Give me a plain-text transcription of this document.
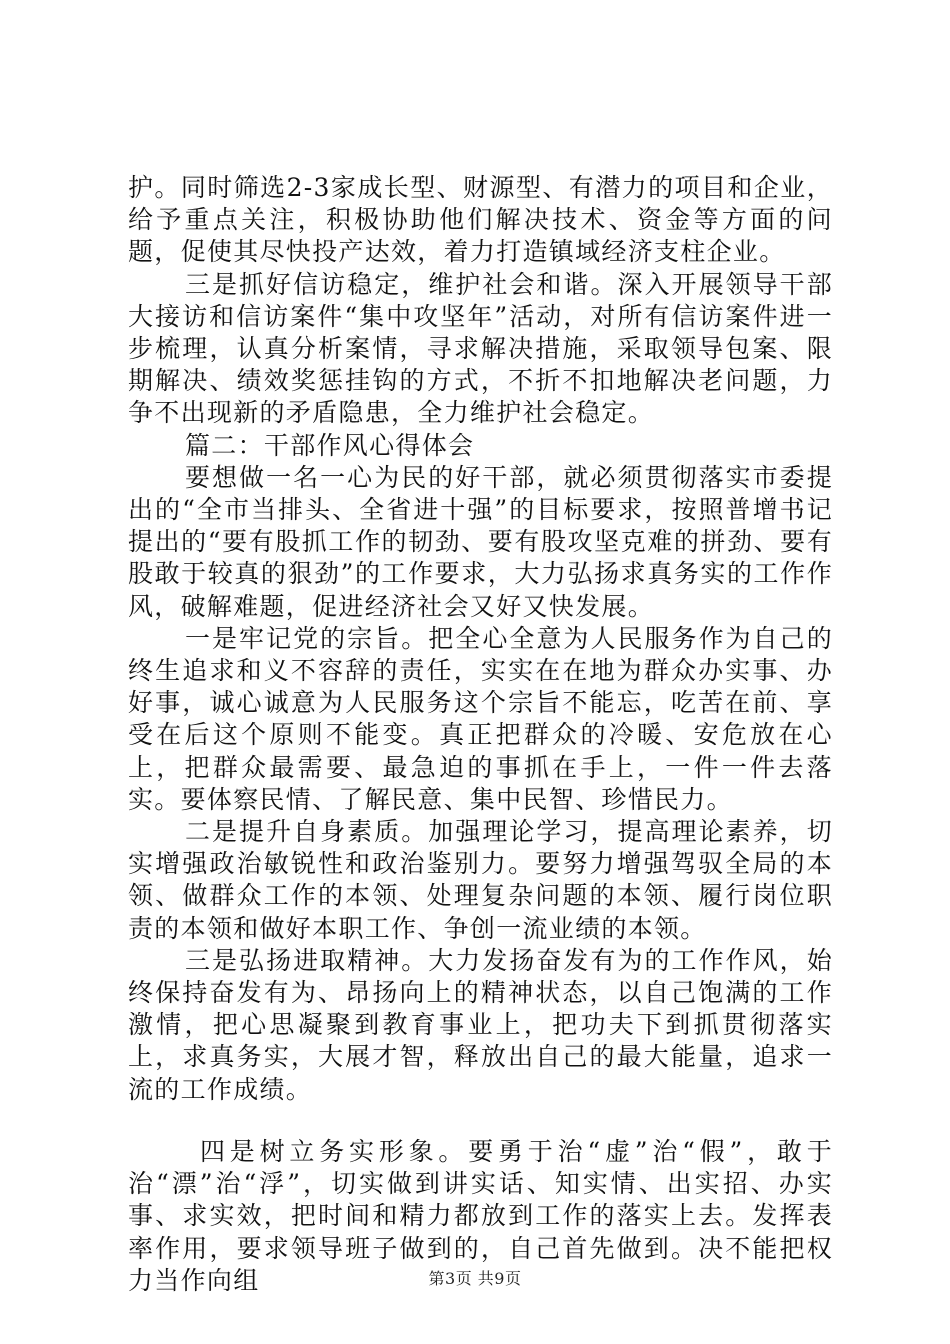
护。同时筛选2-3家成长型、财源型、有潜力的项目和企业，给予重点关注，积极协助他们解决技术、资金等方面的问题，促使其尽快投产达效，着力打造镇域经济支柱企业。

三是抓好信访稳定，维护社会和谐。深入开展领导干部大接访和信访案件“集中攻坚年”活动，对所有信访案件进一步梳理，认真分析案情，寻求解决措施，采取领导包案、限期解决、绩效奖惩挂钩的方式，不折不扣地解决老问题，力争不出现新的矛盾隐患，全力维护社会稳定。

篇二：干部作风心得体会

要想做一名一心为民的好干部，就必须贯彻落实市委提出的“全市当排头、全省进十强”的目标要求，按照普增书记提出的“要有股抓工作的韧劲、要有股攻坚克难的拼劲、要有股敢于较真的狠劲”的工作要求，大力弘扬求真务实的工作作风，破解难题，促进经济社会又好又快发展。

一是牢记党的宗旨。把全心全意为人民服务作为自己的终生追求和义不容辞的责任，实实在在地为群众办实事、办好事，诚心诚意为人民服务这个宗旨不能忘，吃苦在前、享受在后这个原则不能变。真正把群众的冷暖、安危放在心上，把群众最需要、最急迫的事抓在手上，一件一件去落实。要体察民情、了解民意、集中民智、珍惜民力。

二是提升自身素质。加强理论学习，提高理论素养，切实增强政治敏锐性和政治鉴别力。要努力增强驾驭全局的本领、做群众工作的本领、处理复杂问题的本领、履行岗位职责的本领和做好本职工作、争创一流业绩的本领。

三是弘扬进取精神。大力发扬奋发有为的工作作风，始终保持奋发有为、昂扬向上的精神状态，以自己饱满的工作激情，把心思凝聚到教育事业上，把功夫下到抓贯彻落实上，求真务实，大展才智，释放出自己的最大能量，追求一流的工作成绩。

四是树立务实形象。要勇于治“虚”治“假”，敢于治“漂”治“浮”，切实做到讲实话、知实情、出实招、办实事、求实效，把时间和精力都放到工作的落实上去。发挥表率作用，要求领导班子做到的，自己首先做到。决不能把权力当作向组	第3页 共9页
